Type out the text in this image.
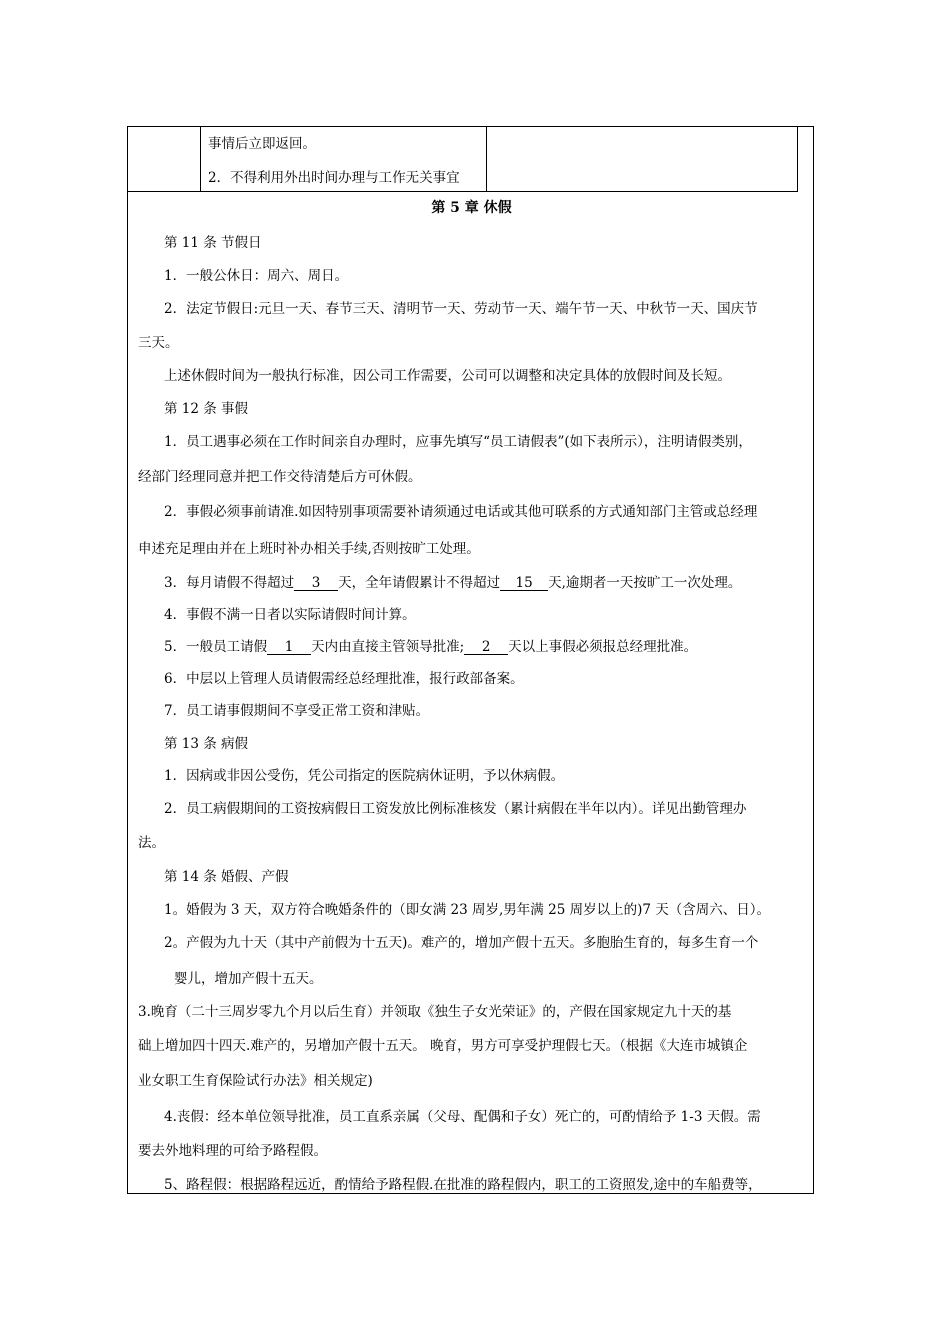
事情后立即返回。
2．不得利用外出时间办理与工作无关事宜
第 5 章 休假
第 11 条 节假日
1．一般公休日：周六、周日。
2．法定节假日:元旦一天、春节三天、清明节一天、劳动节一天、端午节一天、中秋节一天、国庆节
三天。
上述休假时间为一般执行标准，因公司工作需要，公司可以调整和决定具体的放假时间及长短。
第 12 条 事假
1．员工遇事必须在工作时间亲自办理时，应事先填写“员工请假表”(如下表所示），注明请假类别，
经部门经理同意并把工作交待清楚后方可休假。
2．事假必须事前请准.如因特别事项需要补请须通过电话或其他可联系的方式通知部门主管或总经理
申述充足理由并在上班时补办相关手续,否则按旷工处理。
3．每月请假不得超过 3 天，全年请假累计不得超过 15 天,逾期者一天按旷工一次处理。
4．事假不满一日者以实际请假时间计算。
5．一般员工请假 1 天内由直接主管领导批准; 2 天以上事假必须报总经理批准。
6．中层以上管理人员请假需经总经理批准，报行政部备案。
7．员工请事假期间不享受正常工资和津贴。
第 13 条 病假
1．因病或非因公受伤，凭公司指定的医院病休证明，予以休病假。
2．员工病假期间的工资按病假日工资发放比例标准核发（累计病假在半年以内）。详见出勤管理办
法。
第 14 条 婚假、产假
1。婚假为 3 天，双方符合晚婚条件的（即女满 23 周岁,男年满 25 周岁以上的)7 天（含周六、日）。
2。产假为九十天（其中产前假为十五天)。难产的，增加产假十五天。多胞胎生育的，每多生育一个
婴儿，增加产假十五天。
3.晚育（二十三周岁零九个月以后生育）并领取《独生子女光荣证》的，产假在国家规定九十天的基
础上增加四十四天.难产的，另增加产假十五天。 晚育，男方可享受护理假七天。（根据《大连市城镇企
业女职工生育保险试行办法》相关规定)
4.丧假：经本单位领导批准，员工直系亲属（父母、配偶和子女）死亡的，可酌情给予 1-3 天假。需
要去外地料理的可给予路程假。
5、路程假：根据路程远近，酌情给予路程假.在批准的路程假内，职工的工资照发,途中的车船费等，
